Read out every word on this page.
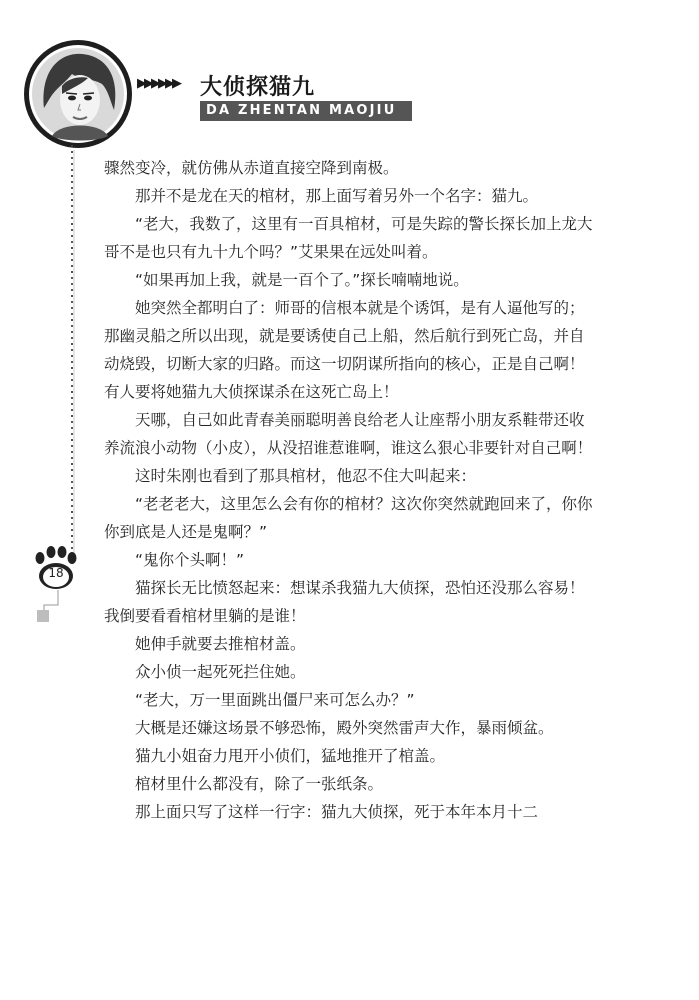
▶▶▶▶▶▶ 大侦探猫九
DA ZHENTAN MAOJIU
18

骤然变冷，就仿佛从赤道直接空降到南极。

那并不是龙在天的棺材，那上面写着另外一个名字：猫九。

“老大，我数了，这里有一百具棺材，可是失踪的警长探长加上龙大哥不是也只有九十九个吗？”艾果果在远处叫着。

“如果再加上我，就是一百个了。”探长喃喃地说。

她突然全都明白了：师哥的信根本就是个诱饵，是有人逼他写的；那幽灵船之所以出现，就是要诱使自己上船，然后航行到死亡岛，并自动烧毁，切断大家的归路。而这一切阴谋所指向的核心，正是自己啊！有人要将她猫九大侦探谋杀在这死亡岛上！

天哪，自己如此青春美丽聪明善良给老人让座帮小朋友系鞋带还收养流浪小动物（小皮），从没招谁惹谁啊，谁这么狠心非要针对自己啊！

这时朱刚也看到了那具棺材，他忍不住大叫起来：

“老老老大，这里怎么会有你的棺材？这次你突然就跑回来了，你你你到底是人还是鬼啊？”

“鬼你个头啊！”

猫探长无比愤怒起来：想谋杀我猫九大侦探，恐怕还没那么容易！我倒要看看棺材里躺的是谁！

她伸手就要去推棺材盖。

众小侦一起死死拦住她。

“老大，万一里面跳出僵尸来可怎么办？”

大概是还嫌这场景不够恐怖，殿外突然雷声大作，暴雨倾盆。

猫九小姐奋力甩开小侦们，猛地推开了棺盖。

棺材里什么都没有，除了一张纸条。

那上面只写了这样一行字：猫九大侦探，死于本年本月十二
